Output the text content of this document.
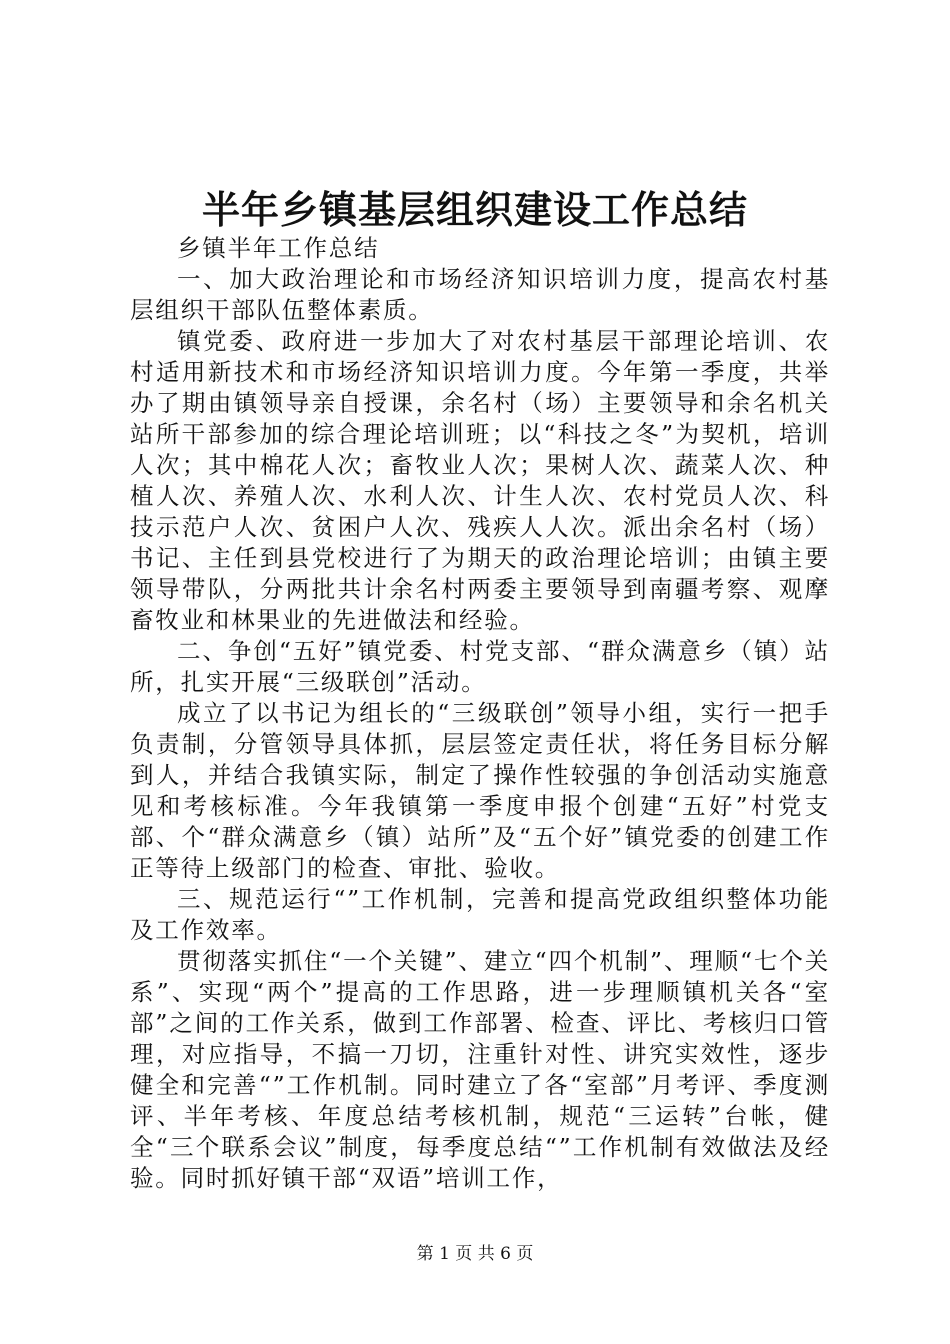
半年乡镇基层组织建设工作总结

乡镇半年工作总结

一、加大政治理论和市场经济知识培训力度，提高农村基层组织干部队伍整体素质。

镇党委、政府进一步加大了对农村基层干部理论培训、农村适用新技术和市场经济知识培训力度。今年第一季度，共举办了期由镇领导亲自授课，余名村（场）主要领导和余名机关站所干部参加的综合理论培训班；以“科技之冬”为契机，培训人次；其中棉花人次；畜牧业人次；果树人次、蔬菜人次、种植人次、养殖人次、水利人次、计生人次、农村党员人次、科技示范户人次、贫困户人次、残疾人人次。派出余名村（场）书记、主任到县党校进行了为期天的政治理论培训；由镇主要领导带队，分两批共计余名村两委主要领导到南疆考察、观摩畜牧业和林果业的先进做法和经验。

二、争创“五好”镇党委、村党支部、“群众满意乡（镇）站所，扎实开展“三级联创”活动。

成立了以书记为组长的“三级联创”领导小组，实行一把手负责制，分管领导具体抓，层层签定责任状，将任务目标分解到人，并结合我镇实际，制定了操作性较强的争创活动实施意见和考核标准。今年我镇第一季度申报个创建“五好”村党支部、个“群众满意乡（镇）站所”及“五个好”镇党委的创建工作正等待上级部门的检查、审批、验收。

三、规范运行“”工作机制，完善和提高党政组织整体功能及工作效率。

贯彻落实抓住“一个关键”、建立“四个机制”、理顺“七个关系”、实现“两个”提高的工作思路，进一步理顺镇机关各“室部”之间的工作关系，做到工作部署、检查、评比、考核归口管理，对应指导，不搞一刀切，注重针对性、讲究实效性，逐步健全和完善“”工作机制。同时建立了各“室部”月考评、季度测评、半年考核、年度总结考核机制，规范“三运转”台帐，健全“三个联系会议”制度，每季度总结“”工作机制有效做法及经验。同时抓好镇干部“双语”培训工作，

第 1 页 共 6 页
